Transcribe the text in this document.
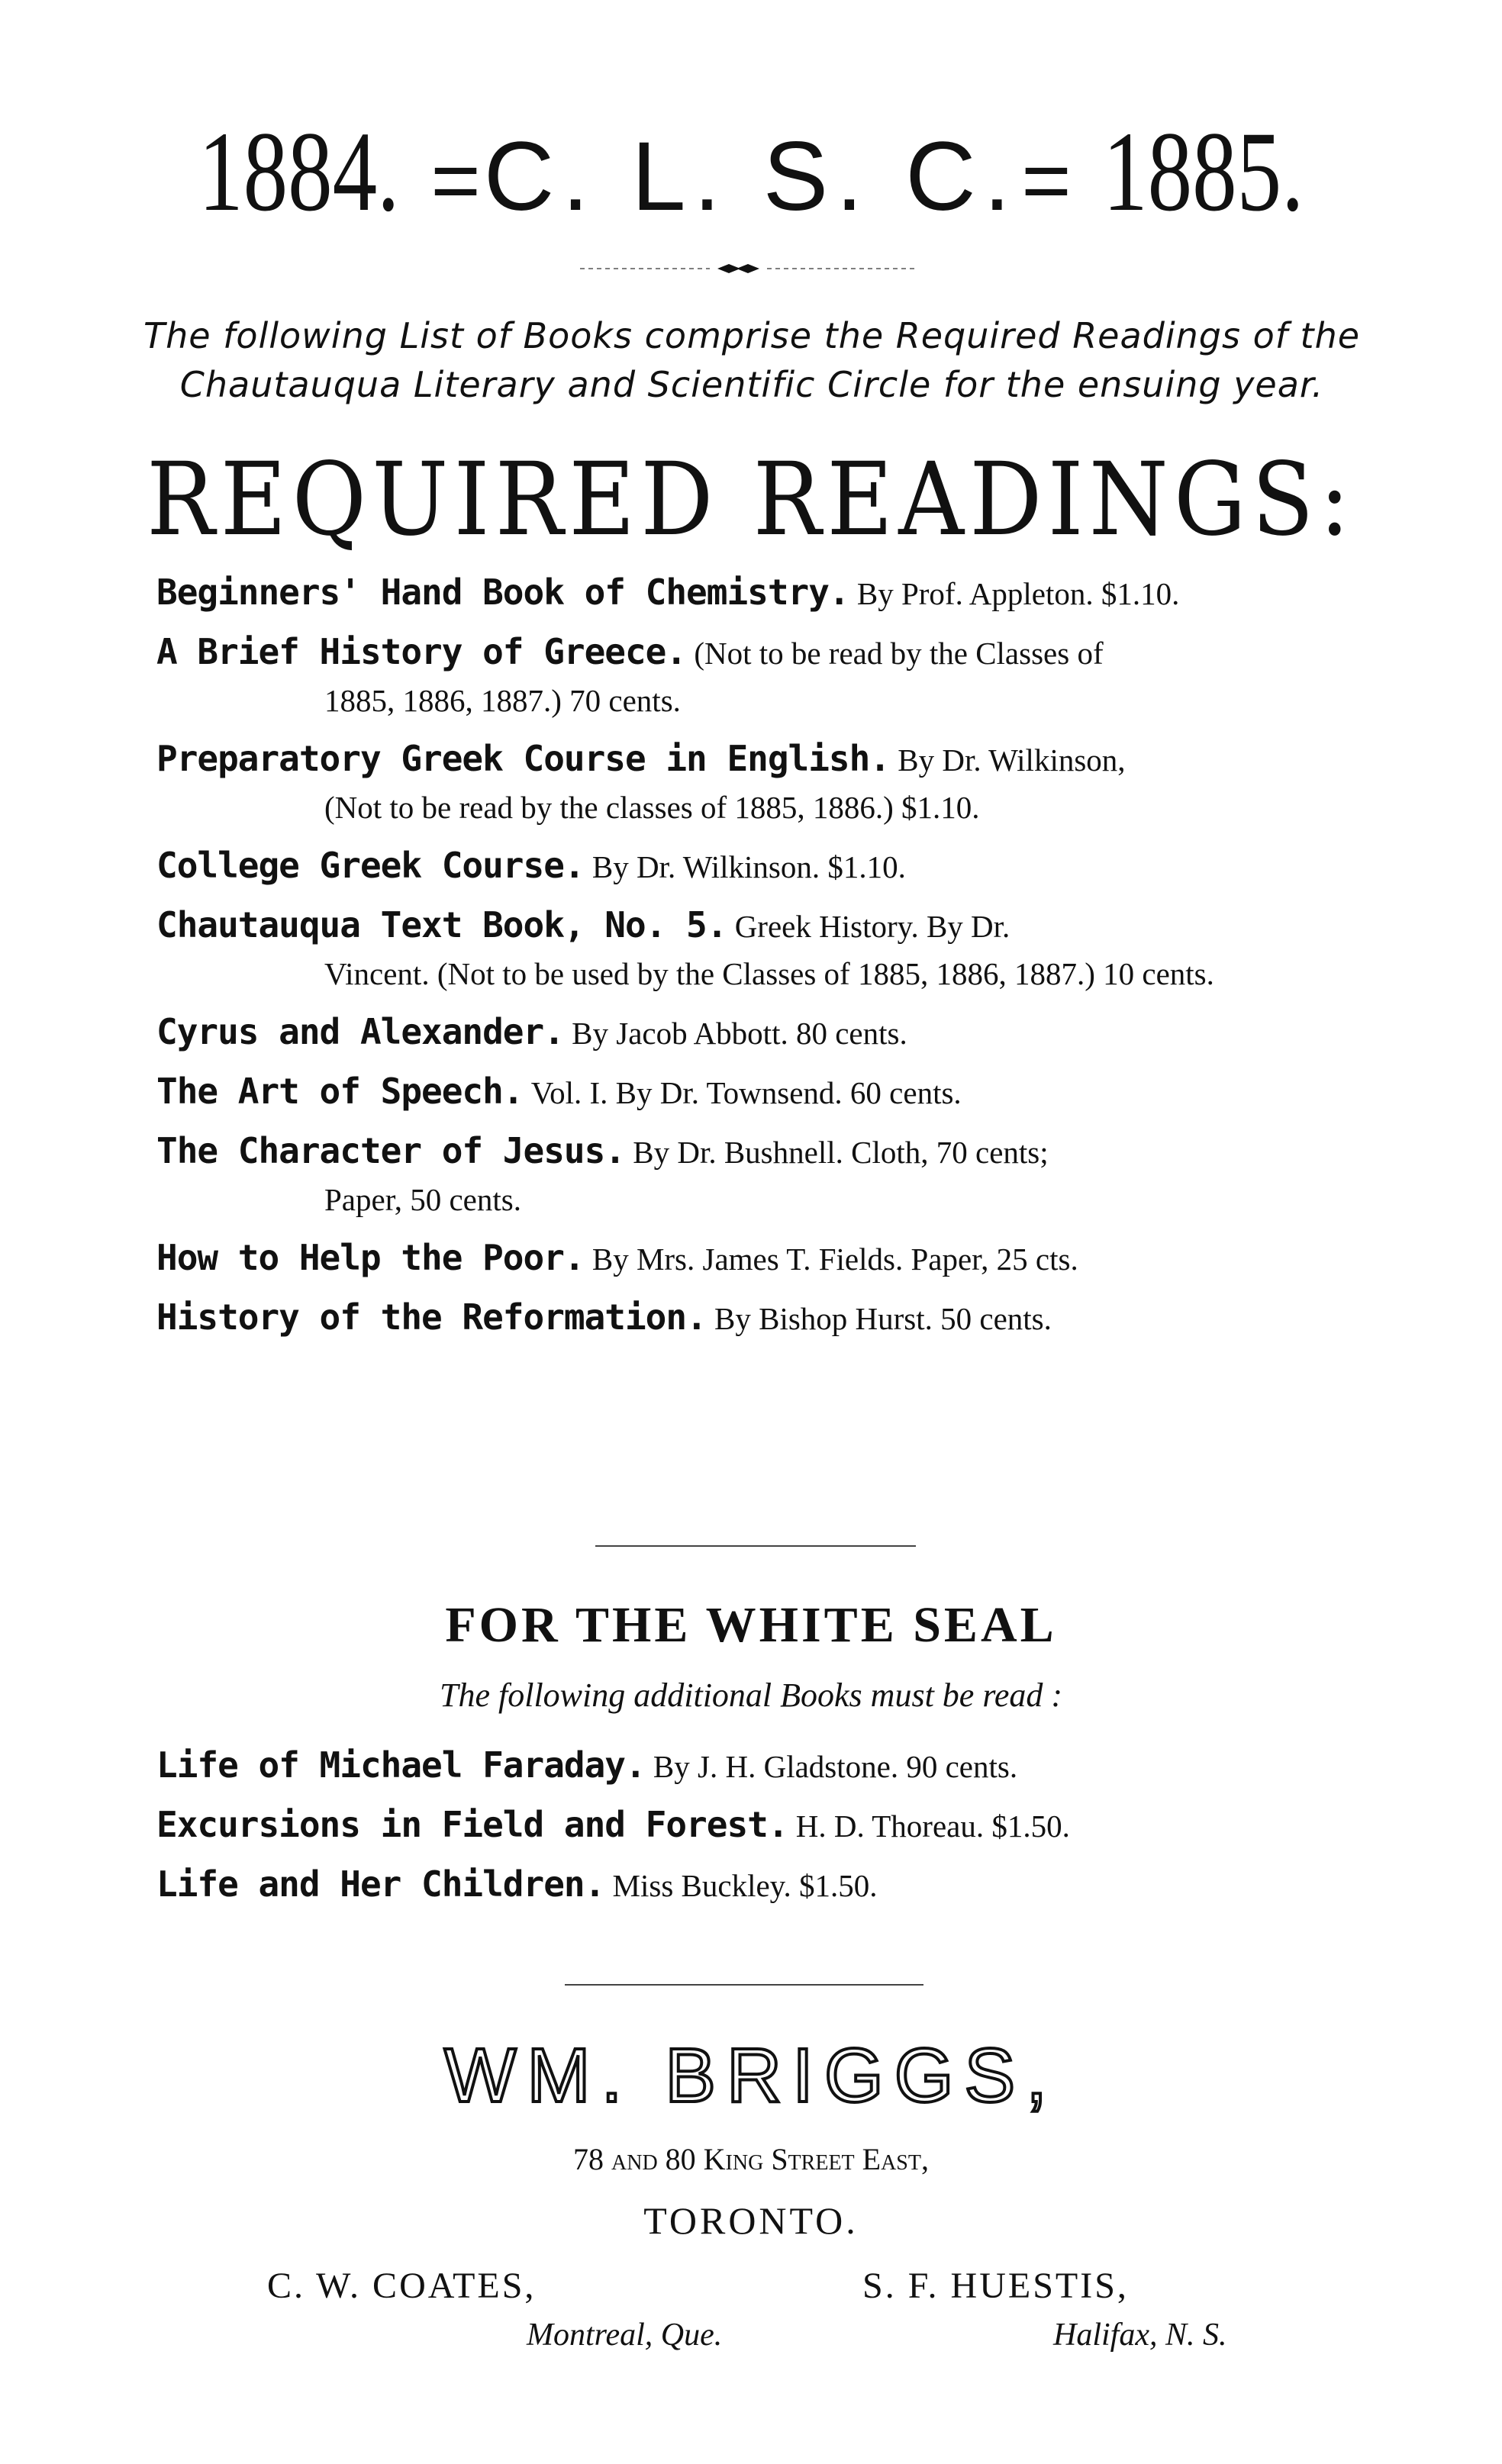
1884. =C. L. S. C.= 1885.
The following List of Books comprise the Required Readings of the
Chautauqua Literary and Scientific Circle for the ensuing year.
REQUIRED READINGS:
Beginners' Hand Book of Chemistry. By Prof. Appleton. $1.10.
A Brief History of Greece. (Not to be read by the Classes of
1885, 1886, 1887.) 70 cents.
Preparatory Greek Course in English. By Dr. Wilkinson,
(Not to be read by the classes of 1885, 1886.) $1.10.
College Greek Course. By Dr. Wilkinson. $1.10.
Chautauqua Text Book, No. 5. Greek History. By Dr.
Vincent. (Not to be used by the Classes of 1885, 1886, 1887.) 10 cents.
Cyrus and Alexander. By Jacob Abbott. 80 cents.
The Art of Speech. Vol. I. By Dr. Townsend. 60 cents.
The Character of Jesus. By Dr. Bushnell. Cloth, 70 cents;
Paper, 50 cents.
How to Help the Poor. By Mrs. James T. Fields. Paper, 25 cts.
History of the Reformation. By Bishop Hurst. 50 cents.
FOR THE WHITE SEAL
The following additional Books must be read :
Life of Michael Faraday. By J. H. Gladstone. 90 cents.
Excursions in Field and Forest. H. D. Thoreau. $1.50.
Life and Her Children. Miss Buckley. $1.50.
WM. BRIGGS,
78 and 80 King Street East,
TORONTO.
C. W. COATES,
Montreal, Que.
S. F. HUESTIS,
Halifax, N. S.
